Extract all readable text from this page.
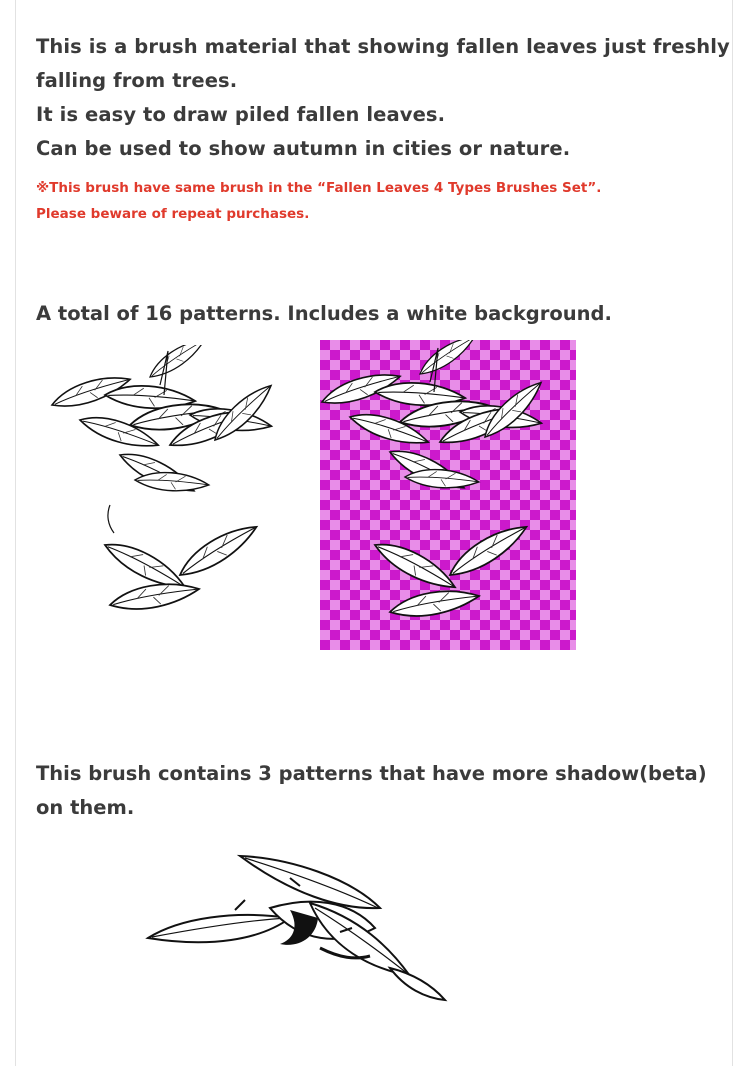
This is a brush material that showing fallen leaves just freshly

falling from trees.

It is easy to draw piled fallen leaves.

Can be used to show autumn in cities or nature.

※This brush have same brush in the “Fallen Leaves 4 Types Brushes Set”.

Please beware of repeat purchases.

A total of 16 patterns. Includes a white background.
This brush contains 3 patterns that have more shadow(beta) on them.
